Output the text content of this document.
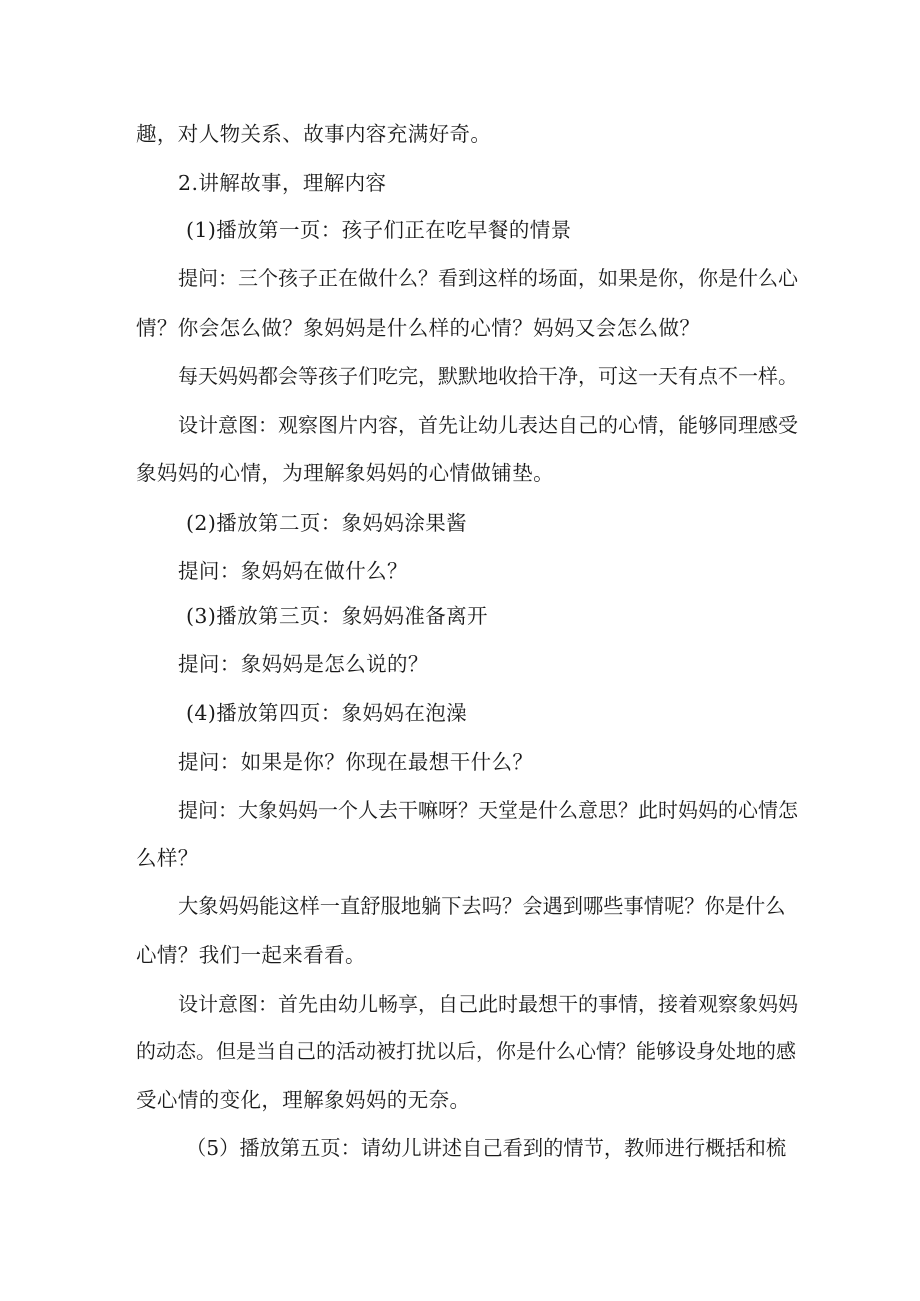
趣，对人物关系、故事内容充满好奇。
2.讲解故事，理解内容
(1)播放第一页：孩子们正在吃早餐的情景
提问：三个孩子正在做什么？看到这样的场面，如果是你，你是什么心
情？你会怎么做？象妈妈是什么样的心情？妈妈又会怎么做？
每天妈妈都会等孩子们吃完，默默地收拾干净，可这一天有点不一样。
设计意图：观察图片内容，首先让幼儿表达自己的心情，能够同理感受
象妈妈的心情，为理解象妈妈的心情做铺垫。
(2)播放第二页：象妈妈涂果酱
提问：象妈妈在做什么？
(3)播放第三页：象妈妈准备离开
提问：象妈妈是怎么说的？
(4)播放第四页：象妈妈在泡澡
提问：如果是你？你现在最想干什么？
提问：大象妈妈一个人去干嘛呀？天堂是什么意思？此时妈妈的心情怎
么样？
大象妈妈能这样一直舒服地躺下去吗？会遇到哪些事情呢？你是什么
心情？我们一起来看看。
设计意图：首先由幼儿畅享，自己此时最想干的事情，接着观察象妈妈
的动态。但是当自己的活动被打扰以后，你是什么心情？能够设身处地的感
受心情的变化，理解象妈妈的无奈。
（5）播放第五页：请幼儿讲述自己看到的情节，教师进行概括和梳
